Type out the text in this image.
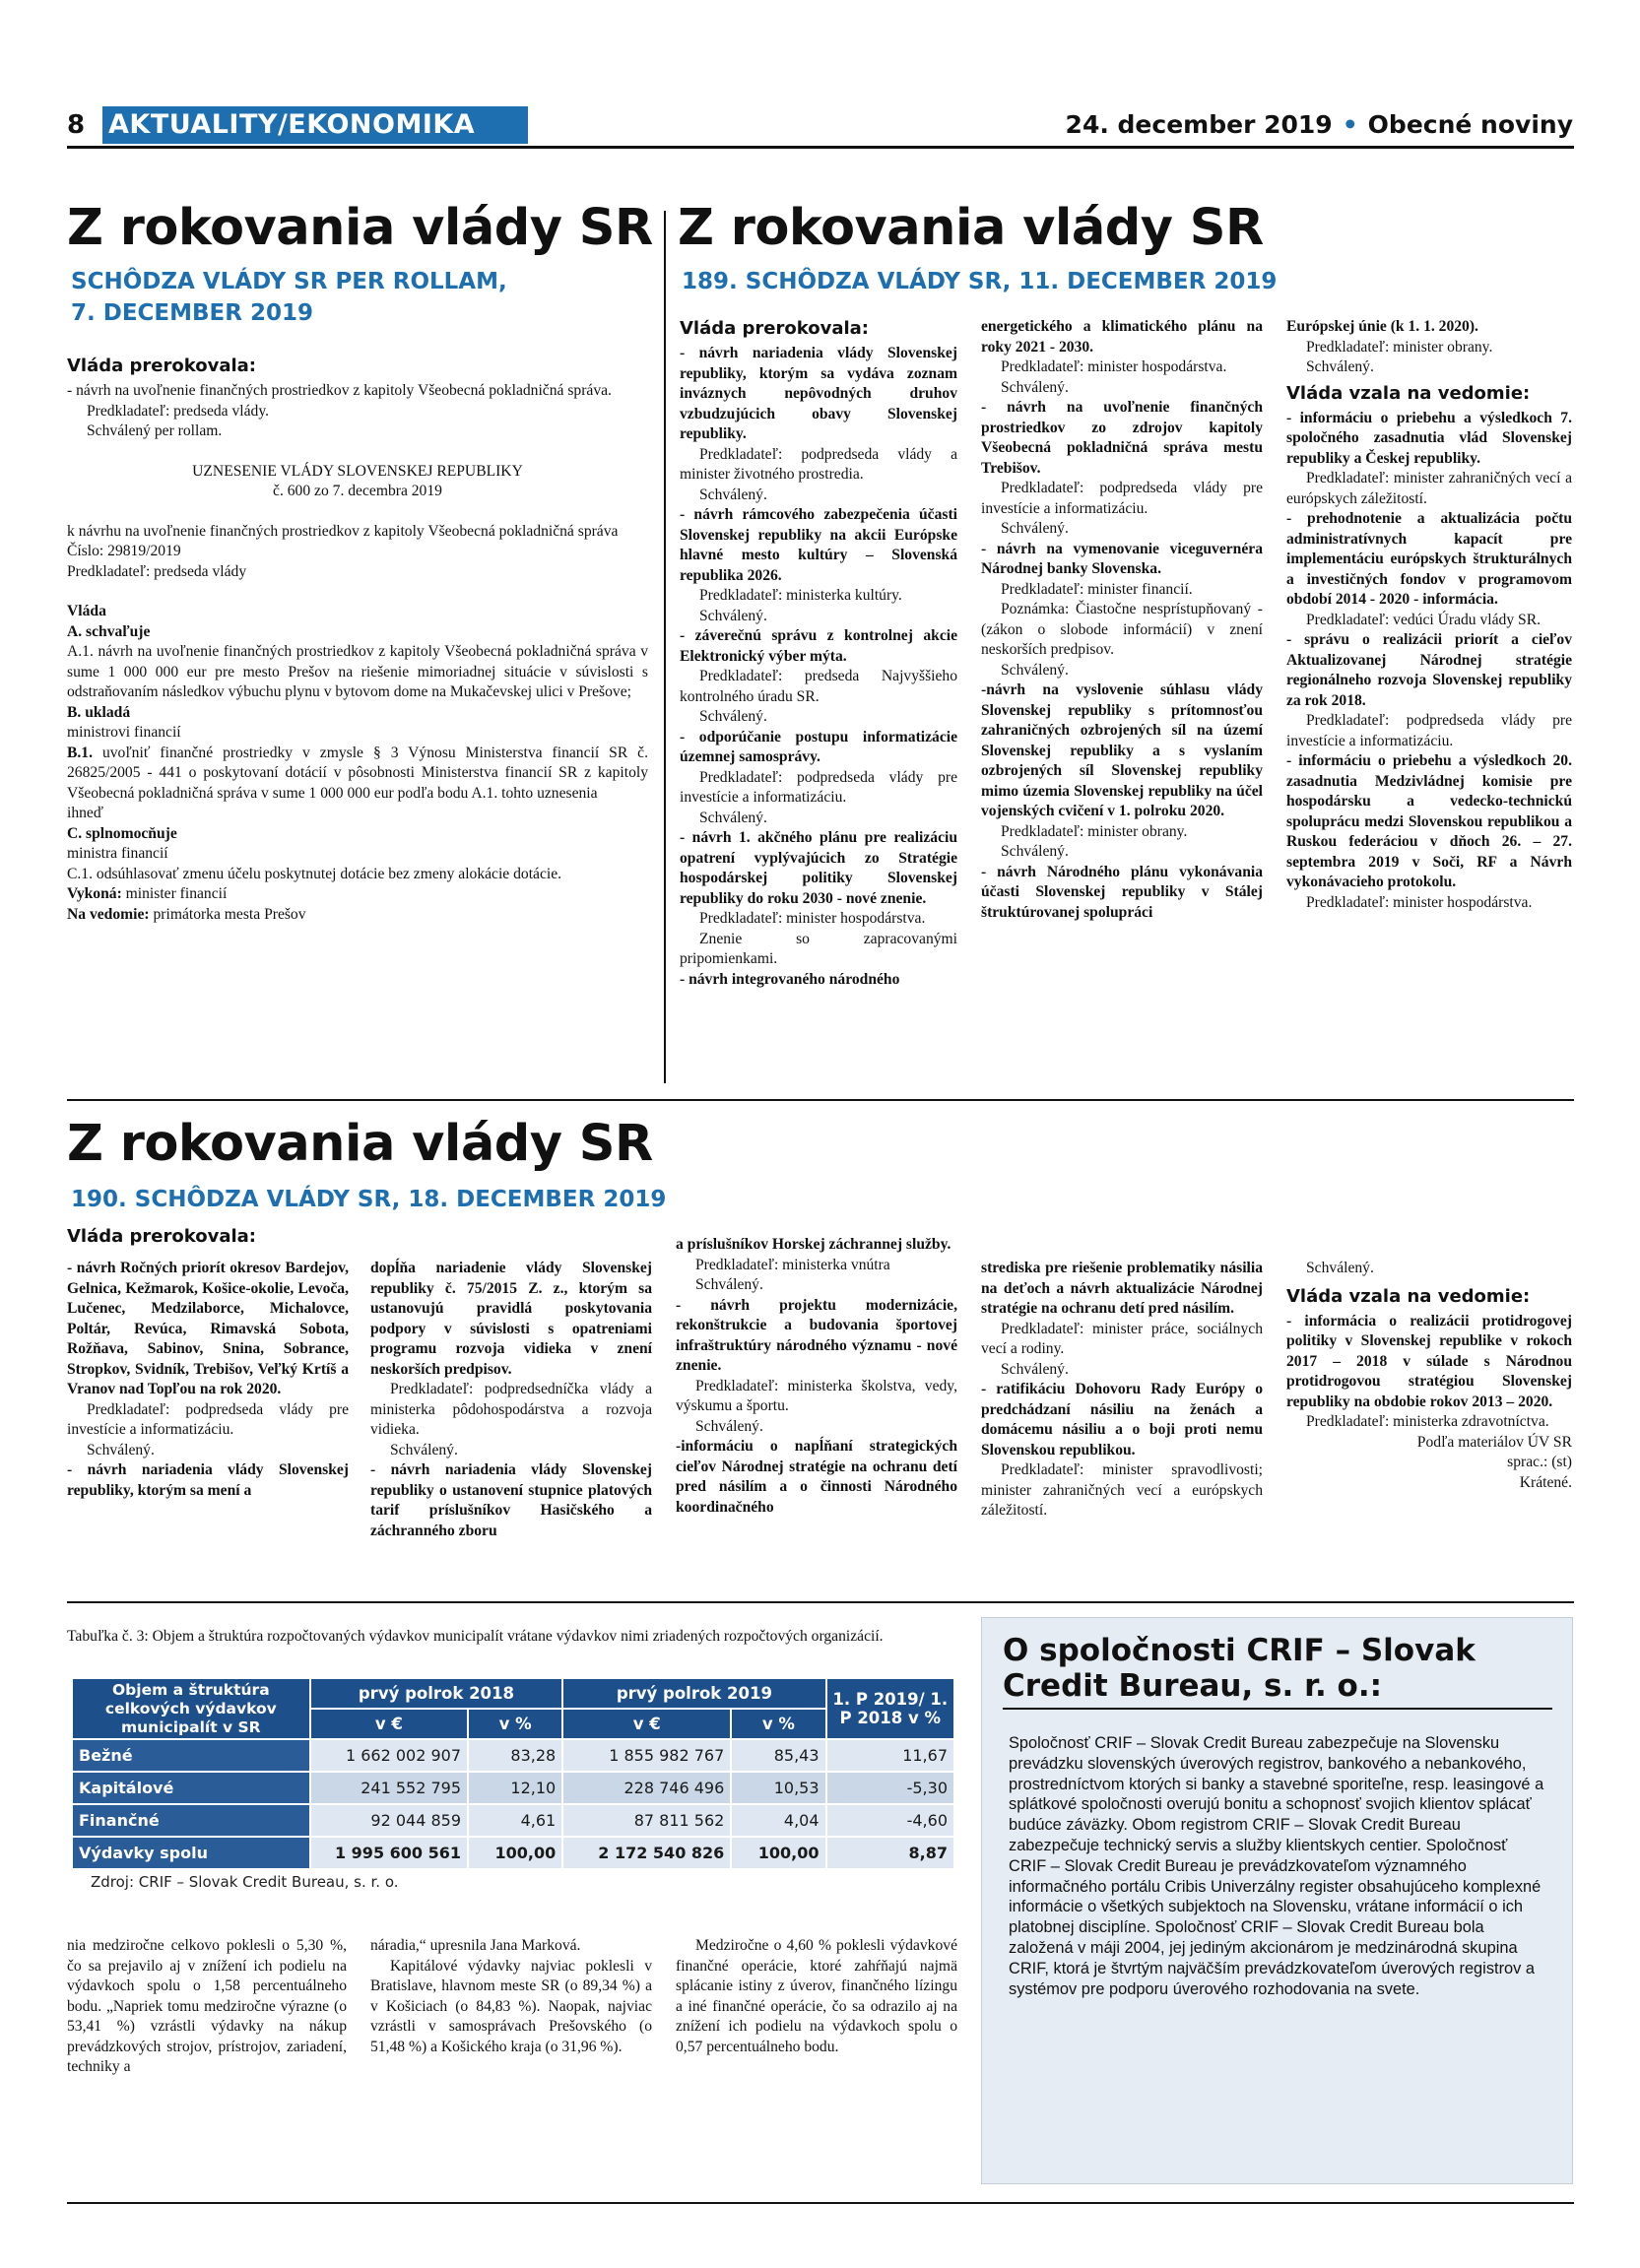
8 AKTUALITY/EKONOMIKA	24. december 2019 • Obecné noviny
Z rokovania vlády SR
SCHÔDZA VLÁDY SR PER ROLLAM,
7. DECEMBER 2019
Vláda prerokovala:

- návrh na uvoľnenie finančných prostriedkov z kapitoly Všeobecná pokladničná správa.

Predkladateľ: predseda vlády.

Schválený per rollam.

UZNESENIE VLÁDY SLOVENSKEJ REPUBLIKY

č. 600 zo 7. decembra 2019

k návrhu na uvoľnenie finančných prostriedkov z kapitoly Všeobecná pokladničná správa

Číslo: 29819/2019

Predkladateľ: predseda vlády

Vláda

A. schvaľuje

A.1. návrh na uvoľnenie finančných prostriedkov z kapitoly Všeobecná pokladničná správa v sume 1 000 000 eur pre mesto Prešov na riešenie mimoriadnej situácie v súvislosti s odstraňovaním následkov výbuchu plynu v bytovom dome na Mukačevskej ulici v Prešove;

B. ukladá

ministrovi financií

B.1. uvoľniť finančné prostriedky v zmysle § 3 Výnosu Ministerstva financií SR č. 26825/2005 - 441 o poskytovaní dotácií v pôsobnosti Ministerstva financií SR z kapitoly Všeobecná pokladničná správa v sume 1 000 000 eur podľa bodu A.1. tohto uznesenia

ihneď

C. splnomocňuje

ministra financií

C.1. odsúhlasovať zmenu účelu poskytnutej dotácie bez zmeny alokácie dotácie.

Vykoná: minister financií

Na vedomie: primátorka mesta Prešov

Z rokovania vlády SR
189. SCHÔDZA VLÁDY SR, 11. DECEMBER 2019
Vláda prerokovala:

- návrh nariadenia vlády Slovenskej republiky, ktorým sa vydáva zoznam inváznych nepôvodných druhov vzbudzujúcich obavy Slovenskej republiky.

Predkladateľ: podpredseda vlády a minister životného prostredia.

Schválený.

- návrh rámcového zabezpečenia účasti Slovenskej republiky na akcii Európske hlavné mesto kultúry – Slovenská republika 2026.

Predkladateľ: ministerka kultúry.

Schválený.

- záverečnú správu z kontrolnej akcie Elektronický výber mýta.

Predkladateľ: predseda Najvyššieho kontrolného úradu SR.

Schválený.

- odporúčanie postupu informatizácie územnej samosprávy.

Predkladateľ: podpredseda vlády pre investície a informatizáciu.

Schválený.

- návrh 1. akčného plánu pre realizáciu opatrení vyplývajúcich zo Stratégie hospodárskej politiky Slovenskej republiky do roku 2030 - nové znenie.

Predkladateľ: minister hospodárstva.

Znenie so zapracovanými pripomienkami.

- návrh integrovaného národného

energetického a klimatického plánu na roky 2021 - 2030.

Predkladateľ: minister hospodárstva.

Schválený.

- návrh na uvoľnenie finančných prostriedkov zo zdrojov kapitoly Všeobecná pokladničná správa mestu Trebišov.

Predkladateľ: podpredseda vlády pre investície a informatizáciu.

Schválený.

- návrh na vymenovanie viceguvernéra Národnej banky Slovenska.

Predkladateľ: minister financií.

Poznámka: Čiastočne nesprístupňovaný - (zákon o slobode informácií) v znení neskorších predpisov.

Schválený.

-návrh na vyslovenie súhlasu vlády Slovenskej republiky s prítomnosťou zahraničných ozbrojených síl na území Slovenskej republiky a s vyslaním ozbrojených síl Slovenskej republiky mimo územia Slovenskej republiky na účel vojenských cvičení v 1. polroku 2020.

Predkladateľ: minister obrany.

Schválený.

- návrh Národného plánu vykonávania účasti Slovenskej republiky v Stálej štruktúrovanej spolupráci

Európskej únie (k 1. 1. 2020).

Predkladateľ: minister obrany.

Schválený.

Vláda vzala na vedomie:

- informáciu o priebehu a výsledkoch 7. spoločného zasadnutia vlád Slovenskej republiky a Českej republiky.

Predkladateľ: minister zahraničných vecí a európskych záležitostí.

- prehodnotenie a aktualizácia počtu administratívnych kapacít pre implementáciu európskych štrukturálnych a investičných fondov v programovom období 2014 - 2020 - informácia.

Predkladateľ: vedúci Úradu vlády SR.

- správu o realizácii priorít a cieľov Aktualizovanej Národnej stratégie regionálneho rozvoja Slovenskej republiky za rok 2018.

Predkladateľ: podpredseda vlády pre investície a informatizáciu.

- informáciu o priebehu a výsledkoch 20. zasadnutia Medzivládnej komisie pre hospodársku a vedecko-technickú spoluprácu medzi Slovenskou republikou a Ruskou federáciou v dňoch 26. – 27. septembra 2019 v Soči, RF a Návrh vykonávacieho protokolu.

Predkladateľ: minister hospodárstva.

Z rokovania vlády SR
190. SCHÔDZA VLÁDY SR, 18. DECEMBER 2019
Vláda prerokovala:

- návrh Ročných priorít okresov Bardejov, Gelnica, Kežmarok, Košice-okolie, Levoča, Lučenec, Medzilaborce, Michalovce, Poltár, Revúca, Rimavská Sobota, Rožňava, Sabinov, Snina, Sobrance, Stropkov, Svidník, Trebišov, Veľký Krtíš a Vranov nad Topľou na rok 2020.

Predkladateľ: podpredseda vlády pre investície a informatizáciu.

Schválený.

- návrh nariadenia vlády Slovenskej republiky, ktorým sa mení a

dopĺňa nariadenie vlády Slovenskej republiky č. 75/2015 Z. z., ktorým sa ustanovujú pravidlá poskytovania podpory v súvislosti s opatreniami programu rozvoja vidieka v znení neskorších predpisov.

Predkladateľ: podpredsedníčka vlády a ministerka pôdohospodárstva a rozvoja vidieka.

Schválený.

- návrh nariadenia vlády Slovenskej republiky o ustanovení stupnice platových tarif príslušníkov Hasičského a záchranného zboru

a príslušníkov Horskej záchrannej služby.

Predkladateľ: ministerka vnútra

Schválený.

- návrh projektu modernizácie, rekonštrukcie a budovania športovej infraštruktúry národného významu - nové znenie.

Predkladateľ: ministerka školstva, vedy, výskumu a športu.

Schválený.

-informáciu o napĺňaní strategických cieľov Národnej stratégie na ochranu detí pred násilím a o činnosti Národného koordinačného

strediska pre riešenie problematiky násilia na deťoch a návrh aktualizácie Národnej stratégie na ochranu detí pred násilím.

Predkladateľ: minister práce, sociálnych vecí a rodiny.

Schválený.

- ratifikáciu Dohovoru Rady Európy o predchádzaní násiliu na ženách a domácemu násiliu a o boji proti nemu Slovenskou republikou.

Predkladateľ: minister spravodlivosti; minister zahraničných vecí a európskych záležitostí.

Schválený.

Vláda vzala na vedomie:

- informácia o realizácii protidrogovej politiky v Slovenskej republike v rokoch 2017 – 2018 v súlade s Národnou protidrogovou stratégiou Slovenskej republiky na obdobie rokov 2013 – 2020.

Predkladateľ: ministerka zdravotníctva.

Podľa materiálov ÚV SR

sprac.: (st)

Krátené.

Tabuľka č. 3: Objem a štruktúra rozpočtovaných výdavkov municipalít vrátane výdavkov nimi zriadených rozpočtových organizácií.
Objem a štruktúra celkových výdavkov municipalít v SR	prvý polrok 2018		prvý polrok 2019		1. P 2019/ 1. P 2018 v %
	v €	v %	v €	v %	
Bežné	1 662 002 907	83,28	1 855 982 767	85,43	11,67
Kapitálové	241 552 795	12,10	228 746 496	10,53	-5,30
Finančné	92 044 859	4,61	87 811 562	4,04	-4,60
Výdavky spolu	1 995 600 561	100,00	2 172 540 826	100,00	8,87
Zdroj: CRIF – Slovak Credit Bureau, s. r. o.					

nia medziročne celkovo poklesli o 5,30 %, čo sa prejavilo aj v znížení ich podielu na výdavkoch spolu o 1,58 percentuálneho bodu. „Napriek tomu medziročne výrazne (o 53,41 %) vzrástli výdavky na nákup prevádzkových strojov, prístrojov, zariadení, techniky a

náradia,“ upresnila Jana Marková.

Kapitálové výdavky najviac poklesli v Bratislave, hlavnom meste SR (o 89,34 %) a v Košiciach (o 84,83 %). Naopak, najviac vzrástli v samosprávach Prešovského (o 51,48 %) a Košického kraja (o 31,96 %).

Medziročne o 4,60 % poklesli výdavkové finančné operácie, ktoré zahŕňajú najmä splácanie istiny z úverov, finančného lízingu a iné finančné operácie, čo sa odrazilo aj na znížení ich podielu na výdavkoch spolu o 0,57 percentuálneho bodu.

O spoločnosti CRIF – Slovak Credit Bureau, s. r. o.:
Spoločnosť CRIF – Slovak Credit Bureau zabezpečuje na Slovensku prevádzku slovenských úverových registrov, bankového a nebankového, prostredníctvom ktorých si banky a stavebné sporiteľne, resp. leasingové a splátkové spoločnosti overujú bonitu a schopnosť svojich klientov splácať budúce záväzky. Obom registrom CRIF – Slovak Credit Bureau zabezpečuje technický servis a služby klientskych centier. Spoločnosť CRIF – Slovak Credit Bureau je prevádzkovateľom významného informačného portálu Cribis Univerzálny register obsahujúceho komplexné informácie o všetkých subjektoch na Slovensku, vrátane informácií o ich platobnej disciplíne. Spoločnosť CRIF – Slovak Credit Bureau bola založená v máji 2004, jej jediným akcionárom je medzinárodná skupina CRIF, ktorá je štvrtým najväčším prevádzkovateľom úverových registrov a systémov pre podporu úverového rozhodovania na svete.
